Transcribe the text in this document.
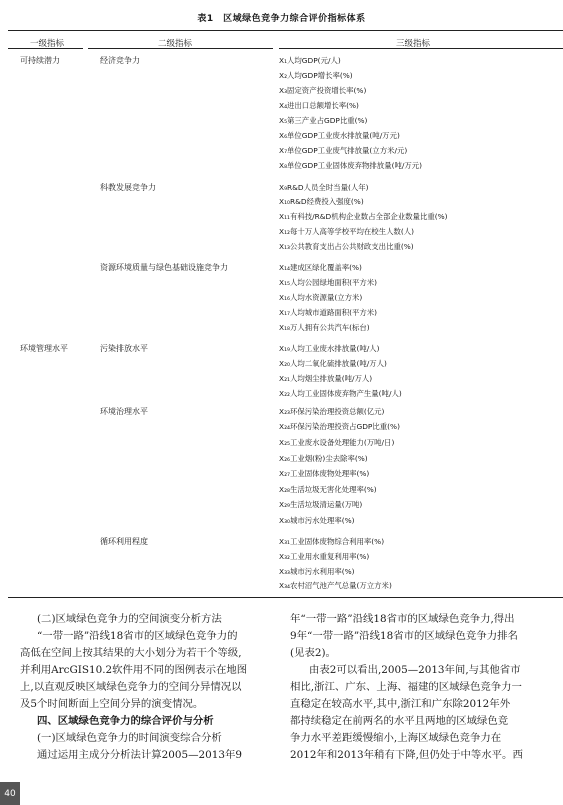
表1　区域绿色竞争力综合评价指标体系
一级指标	二级指标	三级指标
可持续潜力
环境管理水平
经济竞争力
科教发展竞争力
资源环境质量与绿色基础设施竞争力
污染排放水平
环境治理水平
循环利用程度
X₁人均GDP(元/人)
X₂人均GDP增长率(%)
X₃固定资产投资增长率(%)
X₄进出口总额增长率(%)
X₅第三产业占GDP比重(%)
X₆单位GDP工业废水排放量(吨/万元)
X₇单位GDP工业废气排放量(立方米/元)
X₈单位GDP工业固体废弃物排放量(吨/万元)
X₉R&D人员全时当量(人年)
X₁₀R&D经费投入强度(%)
X₁₁有科技/R&D机构企业数占全部企业数量比重(%)
X₁₂每十万人高等学校平均在校生人数(人)
X₁₃公共教育支出占公共财政支出比重(%)
X₁₄建成区绿化覆盖率(%)
X₁₅人均公园绿地面积(平方米)
X₁₆人均水资源量(立方米)
X₁₇人均城市道路面积(平方米)
X₁₈万人拥有公共汽车(标台)
X₁₉人均工业废水排放量(吨/人)
X₂₀人均二氧化硫排放量(吨/万人)
X₂₁人均烟尘排放量(吨/万人)
X₂₂人均工业固体废弃物产生量(吨/人)
X₂₃环保污染治理投资总额(亿元)
X₂₄环保污染治理投资占GDP比重(%)
X₂₅工业废水设备处理能力(万吨/日)
X₂₆工业烟(粉)尘去除率(%)
X₂₇工业固体废物处理率(%)
X₂₈生活垃圾无害化处理率(%)
X₂₉生活垃圾清运量(万吨)
X₃₀城市污水处理率(%)
X₃₁工业固体废物综合利用率(%)
X₃₂工业用水重复利用率(%)
X₃₃城市污水利用率(%)
X₃₄农村沼气池产气总量(万立方米)
(二)区域绿色竞争力的空间演变分析方法
“一带一路”沿线18省市的区域绿色竞争力的
高低在空间上按其结果的大小划分为若干个等级,
并利用ArcGIS10.2软件用不同的图例表示在地图
上,以直观反映区域绿色竞争力的空间分异情况以
及5个时间断面上空间分异的演变情况。
四、区域绿色竞争力的综合评价与分析
(一)区域绿色竞争力的时间演变综合分析
通过运用主成分分析法计算2005—2013年9
年“一带一路”沿线18省市的区域绿色竞争力,得出
9年“一带一路”沿线18省市的区域绿色竞争力排名
(见表2)。
由表2可以看出,2005—2013年间,与其他省市
相比,浙江、广东、上海、福建的区域绿色竞争力一
直稳定在较高水平,其中,浙江和广东除2012年外
都持续稳定在前两名的水平且两地的区域绿色竞
争力水平差距缓慢缩小,上海区域绿色竞争力在
2012年和2013年稍有下降,但仍处于中等水平。西
40
